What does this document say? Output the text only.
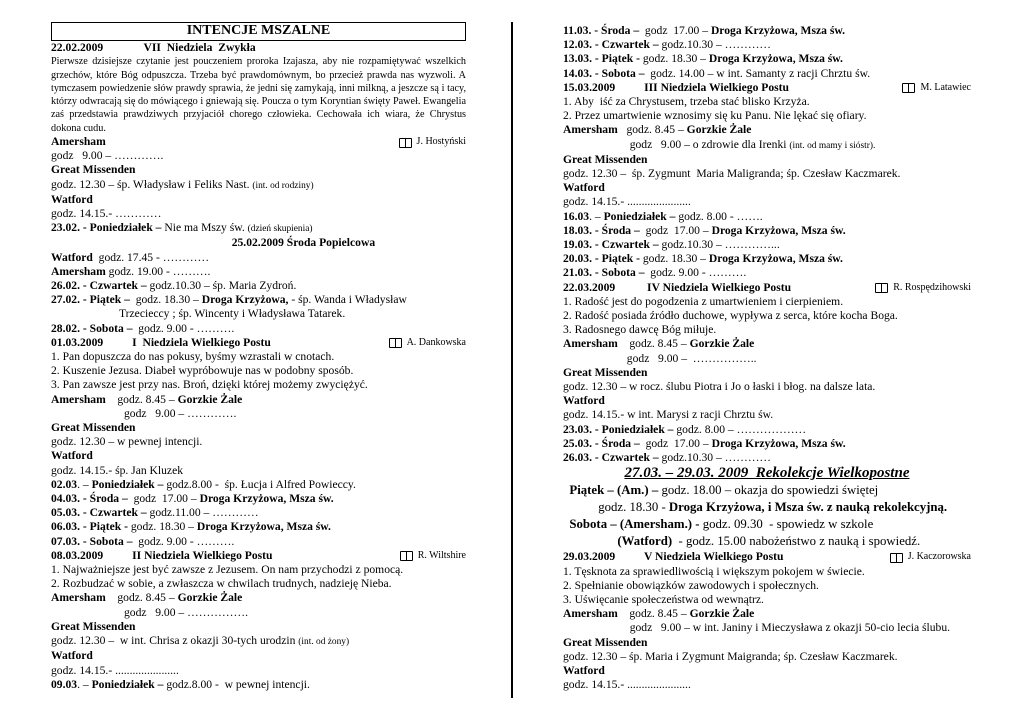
INTENCJE MSZALNE
22.02.2009              VII  Niedziela  Zwykła
Pierwsze dzisiejsze czytanie jest pouczeniem proroka Izajasza, aby nie rozpamiętywać wszelkich grzechów, które Bóg odpuszcza. Trzeba być prawdomównym, bo przecież prawda nas wyzwoli. A tymczasem powiedzenie słów prawdy sprawia, że jedni się zamykają, inni milkną, a jeszcze są i tacy, którzy odwracają się do mówiącego i gniewają się. Poucza o tym Koryntian święty Paweł. Ewangelia zaś przedstawia prawdziwych przyjaciół chorego człowieka. Cechowała ich wiara, że Chrystus dokona cudu.
Amersham	J. Hostyński
godz   9.00 – ………….
Great Missenden
godz. 12.30 – śp. Władysław i Feliks Nast. (int. od rodziny)
Watford
godz. 14.15.- …………
23.02. - Poniedziałek – Nie ma Mszy św. (dzień skupienia)
25.02.2009 Środa Popielcowa
Watford  godz. 17.45 - …………
Amersham godz. 19.00 - ……….
26.02. - Czwartek – godz.10.30 – śp. Maria Zydroń.
27.02. - Piątek –  godz. 18.30 – Droga Krzyżowa, - śp. Wanda i Władysław
Trzecieccy ; śp. Wincenty i Władysława Tatarek.
28.02. - Sobota –  godz. 9.00 - ……….
01.03.2009          I  Niedziela Wielkiego Postu	A. Dankowska
1. Pan dopuszcza do nas pokusy, byśmy wzrastali w cnotach.
2. Kuszenie Jezusa. Diabeł wypróbowuje nas w podobny sposób.
3. Pan zawsze jest przy nas. Broń, dzięki której możemy zwyciężyć.
Amersham    godz. 8.45 – Gorzkie Żale
godz   9.00 – ………….
Great Missenden
godz. 12.30 – w pewnej intencji.
Watford
godz. 14.15.- śp. Jan Kluzek
02.03. – Poniedziałek – godz.8.00 -  śp. Łucja i Alfred Powieccy.
04.03. - Środa –  godz  17.00 – Droga Krzyżowa, Msza św.
05.03. - Czwartek – godz.11.00 – …………
06.03. - Piątek - godz. 18.30 – Droga Krzyżowa, Msza św.
07.03. - Sobota –  godz. 9.00 - ……….
08.03.2009          II Niedziela Wielkiego Postu	R. Wiltshire
1. Najważniejsze jest być zawsze z Jezusem. On nam przychodzi z pomocą.
2. Rozbudzać w sobie, a zwłaszcza w chwilach trudnych, nadzieję Nieba.
Amersham    godz. 8.45 – Gorzkie Żale
godz   9.00 – …………….
Great Missenden
godz. 12.30 –  w int. Chrisa z okazji 30-tych urodzin (int. od żony)
Watford
godz. 14.15.- ......................
09.03. – Poniedziałek – godz.8.00 -  w pewnej intencji.
11.03. - Środa –  godz  17.00 – Droga Krzyżowa, Msza św.
12.03. - Czwartek – godz.10.30 – …………
13.03. - Piątek - godz. 18.30 – Droga Krzyżowa, Msza św.
14.03. - Sobota –  godz. 14.00 – w int. Samanty z racji Chrztu św.
15.03.2009          III Niedziela Wielkiego Postu	M. Latawiec
1. Aby  iść za Chrystusem, trzeba stać blisko Krzyża.
2. Przez umartwienie wznosimy się ku Panu. Nie lękać się ofiary.
Amersham   godz. 8.45 – Gorzkie Żale
godz   9.00 – o zdrowie dla Irenki (int. od mamy i sióstr).
Great Missenden
godz. 12.30 –  śp. Zygmunt  Maria Maligranda; śp. Czesław Kaczmarek.
Watford
godz. 14.15.- ......................
16.03. – Poniedziałek – godz. 8.00 - …….
18.03. - Środa –  godz  17.00 – Droga Krzyżowa, Msza św.
19.03. - Czwartek – godz.10.30 – …………...
20.03. - Piątek - godz. 18.30 – Droga Krzyżowa, Msza św.
21.03. - Sobota –  godz. 9.00 - ……….
22.03.2009           IV Niedziela Wielkiego Postu	R. Rospędzihowski
1. Radość jest do pogodzenia z umartwieniem i cierpieniem.
2. Radość posiada źródło duchowe, wypływa z serca, które kocha Boga.
3. Radosnego dawcę Bóg miłuje.
Amersham    godz. 8.45 – Gorzkie Żale
godz   9.00 –  ……………..
Great Missenden
godz. 12.30 – w rocz. ślubu Piotra i Jo o łaski i błog. na dalsze lata.
Watford
godz. 14.15.- w int. Marysi z racji Chrztu św.
23.03. - Poniedziałek – godz. 8.00 – ………………
25.03. - Środa –  godz  17.00 – Droga Krzyżowa, Msza św.
26.03. - Czwartek – godz.10.30 – …………
27.03. – 29.03. 2009  Rekolekcje Wielkopostne
Piątek – (Am.) – godz. 18.00 – okazja do spowiedzi świętej
godz. 18.30 - Droga Krzyżowa, i Msza św. z nauką rekolekcyjną.
Sobota – (Amersham.) - godz. 09.30  - spowiedz w szkole
(Watford)  - godz. 15.00 nabożeństwo z nauką i spowiedź.
29.03.2009          V Niedziela Wielkiego Postu	J. Kaczorowska
1. Tęsknota za sprawiedliwością i większym pokojem w świecie.
2. Spełnianie obowiązków zawodowych i społecznych.
3. Uświęcanie społeczeństwa od wewnątrz.
Amersham    godz. 8.45 – Gorzkie Żale
godz   9.00 – w int. Janiny i Mieczysława z okazji 50-cio lecia ślubu.
Great Missenden
godz. 12.30 – śp. Maria i Zygmunt Maigranda; śp. Czesław Kaczmarek.
Watford
godz. 14.15.- ......................
